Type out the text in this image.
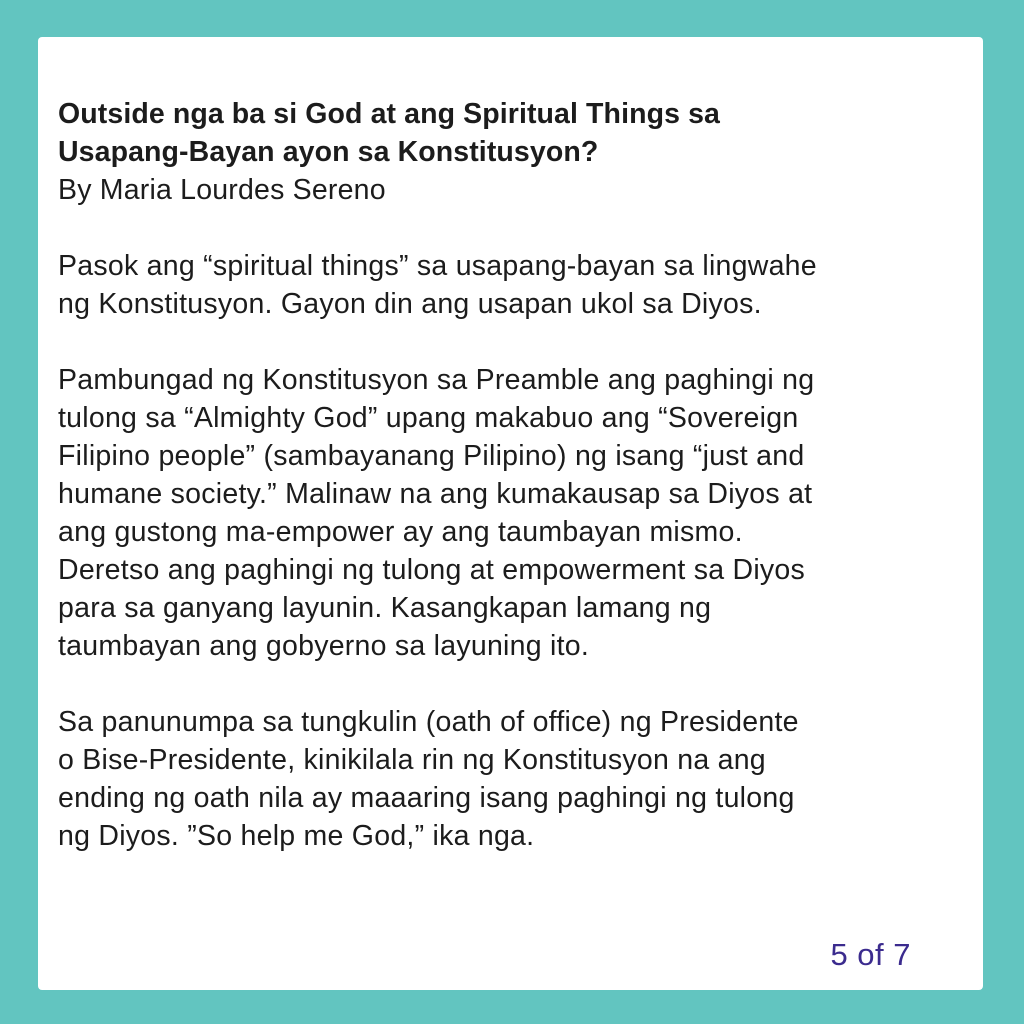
Outside nga ba si God at ang Spiritual Things sa
Usapang-Bayan ayon sa Konstitusyon?

By Maria Lourdes Sereno

Pasok ang “spiritual things” sa usapang-bayan sa lingwahe
ng Konstitusyon. Gayon din ang usapan ukol sa Diyos.

Pambungad ng Konstitusyon sa Preamble ang paghingi ng
tulong sa “Almighty God” upang makabuo ang “Sovereign
Filipino people” (sambayanang Pilipino) ng isang “just and
humane society.” Malinaw na ang kumakausap sa Diyos at
ang gustong ma-empower ay ang taumbayan mismo.
Deretso ang paghingi ng tulong at empowerment sa Diyos
para sa ganyang layunin. Kasangkapan lamang ng
taumbayan ang gobyerno sa layuning ito.

Sa panunumpa sa tungkulin (oath of office) ng Presidente
o Bise-Presidente, kinikilala rin ng Konstitusyon na ang
ending ng oath nila ay maaaring isang paghingi ng tulong
ng Diyos. ”So help me God,” ika nga.

5 of 7
